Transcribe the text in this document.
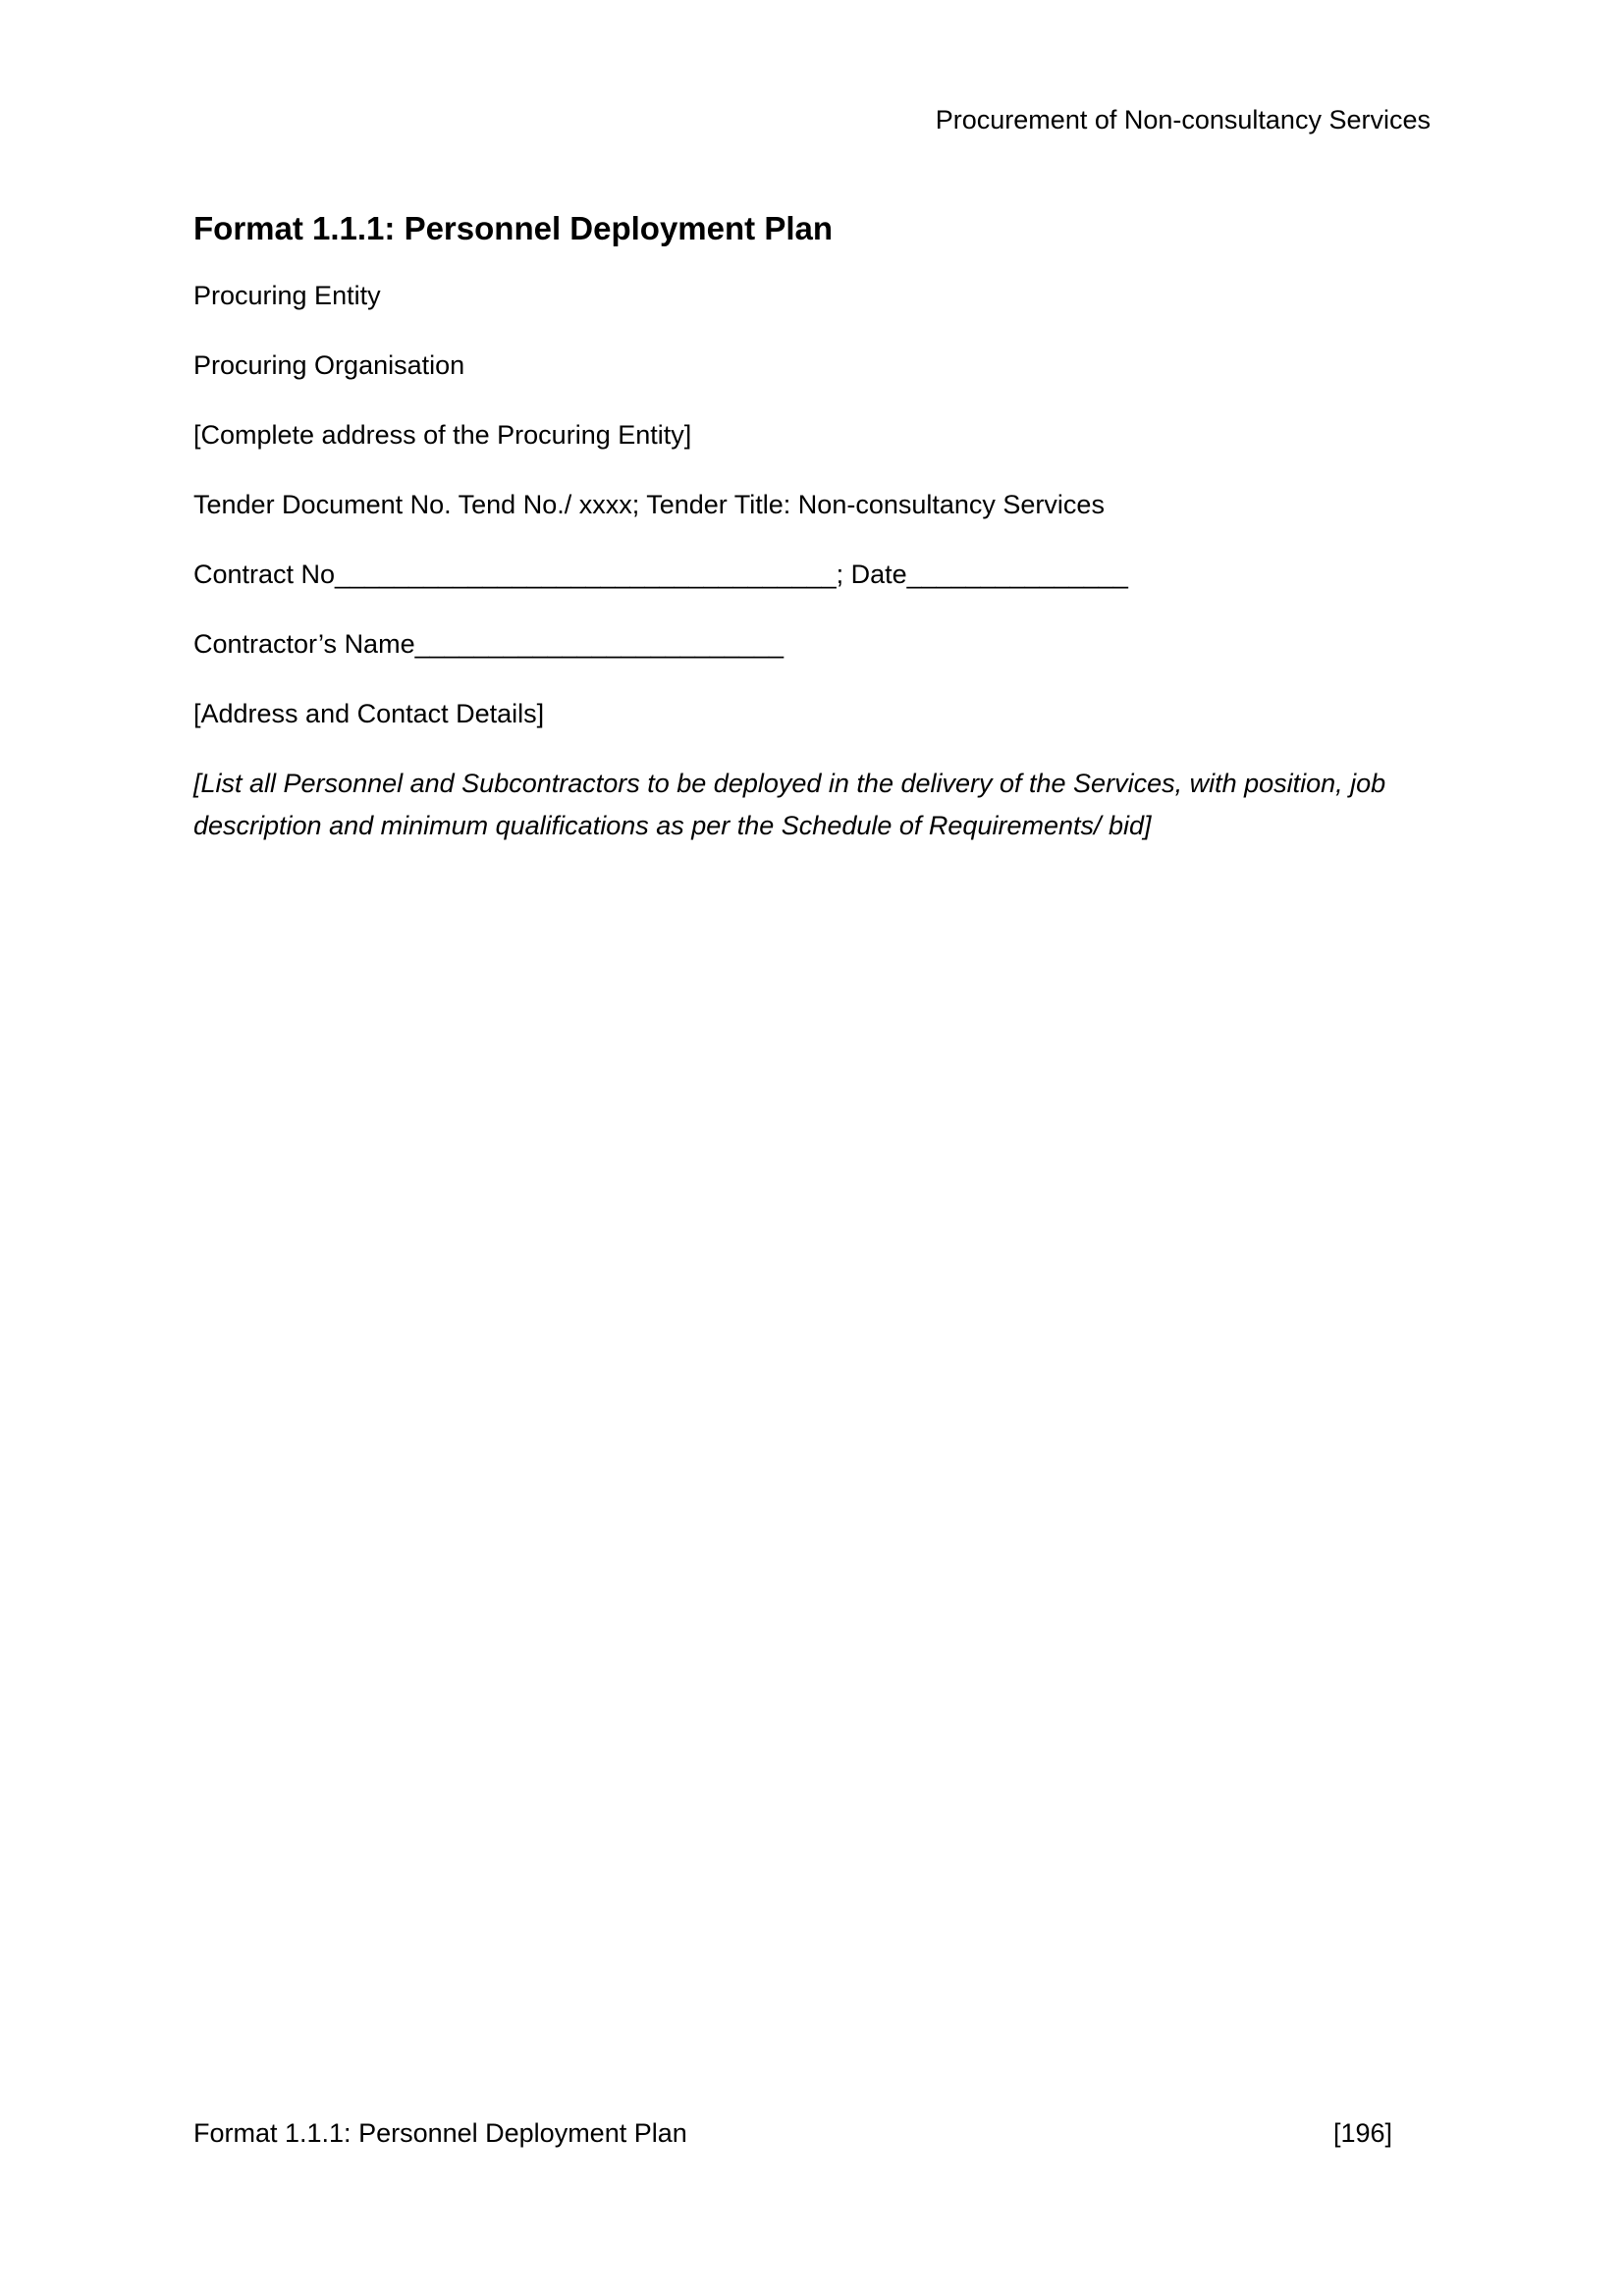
Procurement of Non-consultancy Services
Format 1.1.1: Personnel Deployment Plan

Procuring Entity

Procuring Organisation

[Complete address of the Procuring Entity]

Tender Document No. Tend No./ xxxx; Tender Title: Non-consultancy Services

Contract No__________________________________; Date_______________

Contractor’s Name_________________________

[Address and Contact Details]

[List all Personnel and Subcontractors to be deployed in the delivery of the Services, with position, job
description and minimum qualifications as per the Schedule of Requirements/ bid]

Format 1.1.1: Personnel Deployment Plan	[196]
